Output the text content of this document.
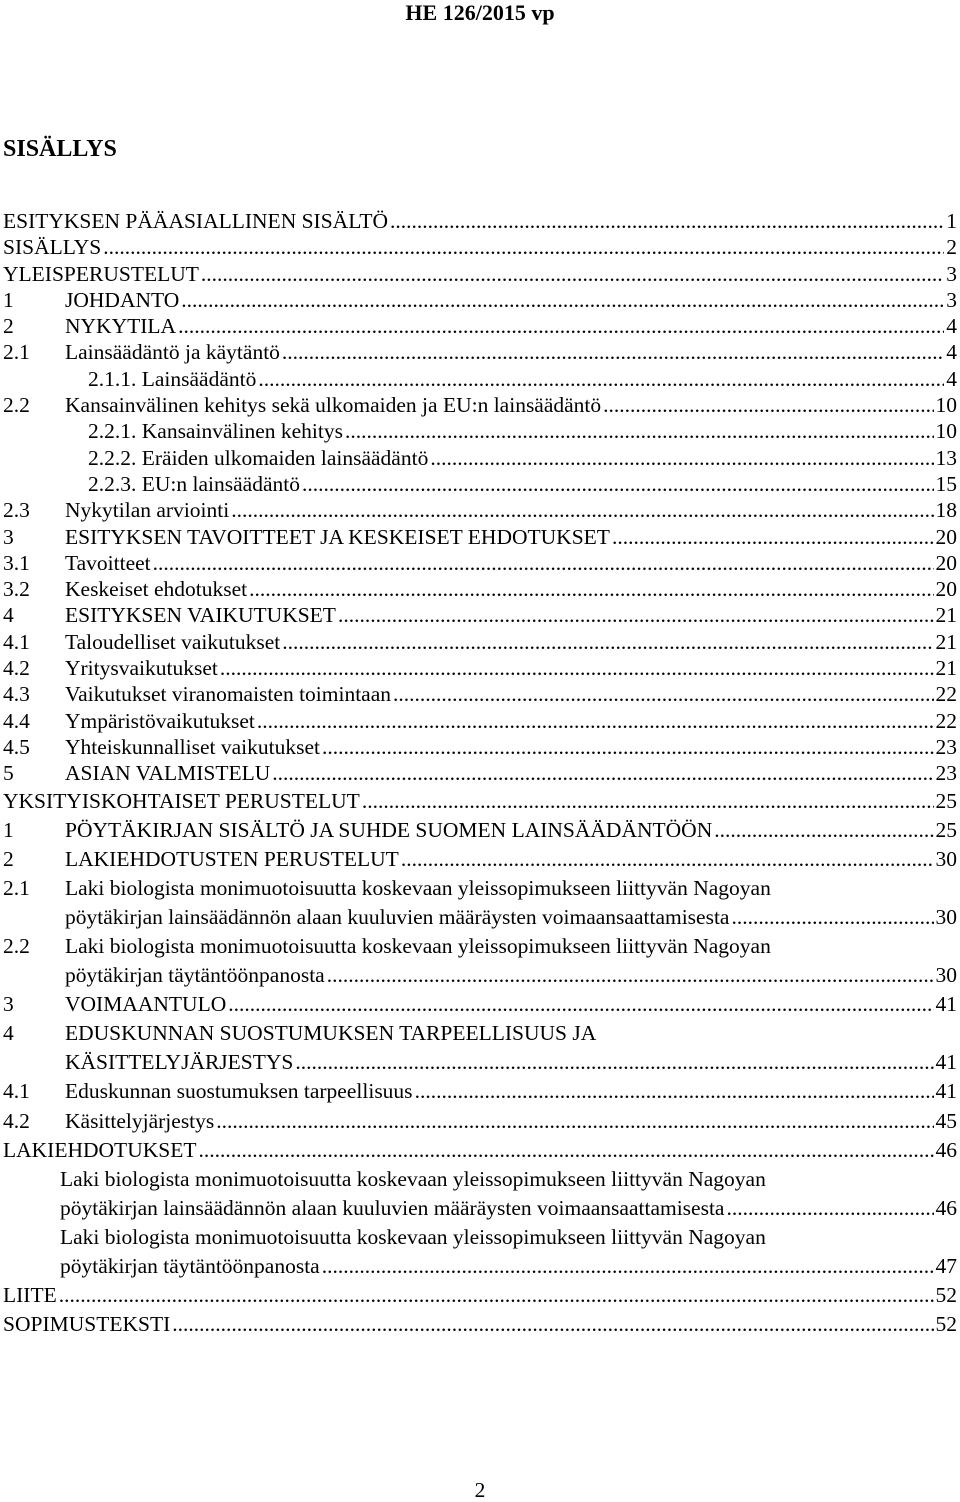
HE 126/2015 vp
SISÄLLYS
ESITYKSEN PÄÄASIALLINEN SISÄLTÖ .....	1
SISÄLLYS .....	2
YLEISPERUSTELUT .....	3
1 JOHDANTO .....	3
2 NYKYTILA .....	4
2.1 Lainsäädäntö ja käytäntö .....	4
2.1.1. Lainsäädäntö .....	4
2.2 Kansainvälinen kehitys sekä ulkomaiden ja EU:n lainsäädäntö .....	10
2.2.1. Kansainvälinen kehitys .....	10
2.2.2. Eräiden ulkomaiden lainsäädäntö .....	13
2.2.3. EU:n lainsäädäntö .....	15
2.3 Nykytilan arviointi .....	18
3 ESITYKSEN TAVOITTEET JA KESKEISET EHDOTUKSET .....	20
3.1 Tavoitteet .....	20
3.2 Keskeiset ehdotukset .....	20
4 ESITYKSEN VAIKUTUKSET .....	21
4.1 Taloudelliset vaikutukset .....	21
4.2 Yritysvaikutukset .....	21
4.3 Vaikutukset viranomaisten toimintaan .....	22
4.4 Ympäristövaikutukset .....	22
4.5 Yhteiskunnalliset vaikutukset .....	23
5 ASIAN VALMISTELU .....	23
YKSITYISKOHTAISET PERUSTELUT .....	25
1 PÖYTÄKIRJAN SISÄLTÖ JA SUHDE SUOMEN LAINSÄÄDÄNTÖÖN .....	25
2 LAKIEHDOTUSTEN PERUSTELUT .....	30
2.1 Laki biologista monimuotoisuutta koskevaan yleissopimukseen liittyvän Nagoyan
pöytäkirjan lainsäädännön alaan kuuluvien määräysten voimaansaattamisesta .....	30
2.2 Laki biologista monimuotoisuutta koskevaan yleissopimukseen liittyvän Nagoyan
pöytäkirjan täytäntöönpanosta .....	30
3 VOIMAANTULO .....	41
4 EDUSKUNNAN SUOSTUMUKSEN TARPEELLISUUS JA
KÄSITTELYJÄRJESTYS .....	41
4.1 Eduskunnan suostumuksen tarpeellisuus .....	41
4.2 Käsittelyjärjestys .....	45
LAKIEHDOTUKSET .....	46
Laki biologista monimuotoisuutta koskevaan yleissopimukseen liittyvän Nagoyan
pöytäkirjan lainsäädännön alaan kuuluvien määräysten voimaansaattamisesta .....	46
Laki biologista monimuotoisuutta koskevaan yleissopimukseen liittyvän Nagoyan
pöytäkirjan täytäntöönpanosta .....	47
LIITE .....	52
SOPIMUSTEKSTI .....	52
2
